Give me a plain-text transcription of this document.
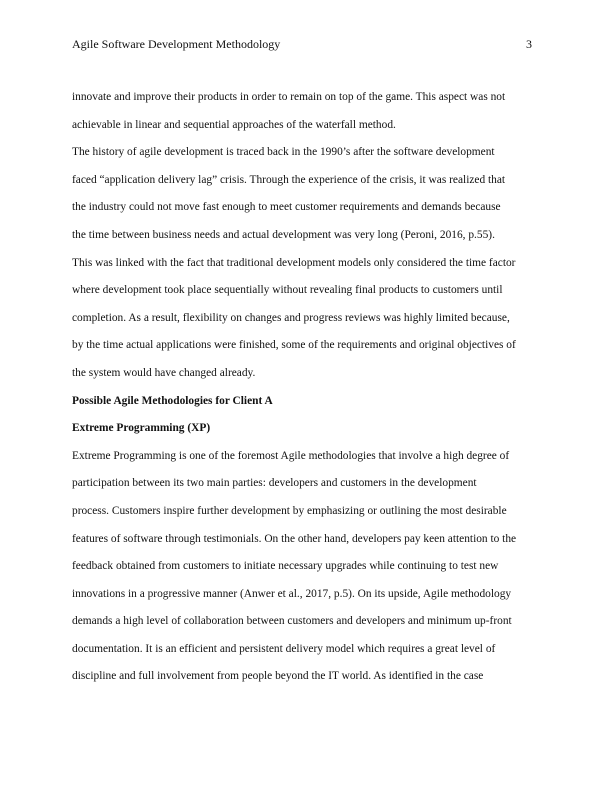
Agile Software Development Methodology	3
innovate and improve their products in order to remain on top of the game. This aspect was not
achievable in linear and sequential approaches of the waterfall method.
The history of agile development is traced back in the 1990’s after the software development
faced “application delivery lag” crisis. Through the experience of the crisis, it was realized that
the industry could not move fast enough to meet customer requirements and demands because
the time between business needs and actual development was very long (Peroni, 2016, p.55).
This was linked with the fact that traditional development models only considered the time factor
where development took place sequentially without revealing final products to customers until
completion. As a result, flexibility on changes and progress reviews was highly limited because,
by the time actual applications were finished, some of the requirements and original objectives of
the system would have changed already.
Possible Agile Methodologies for Client A
Extreme Programming (XP)
Extreme Programming is one of the foremost Agile methodologies that involve a high degree of
participation between its two main parties: developers and customers in the development
process. Customers inspire further development by emphasizing or outlining the most desirable
features of software through testimonials. On the other hand, developers pay keen attention to the
feedback obtained from customers to initiate necessary upgrades while continuing to test new
innovations in a progressive manner (Anwer et al., 2017, p.5). On its upside, Agile methodology
demands a high level of collaboration between customers and developers and minimum up-front
documentation. It is an efficient and persistent delivery model which requires a great level of
discipline and full involvement from people beyond the IT world. As identified in the case
